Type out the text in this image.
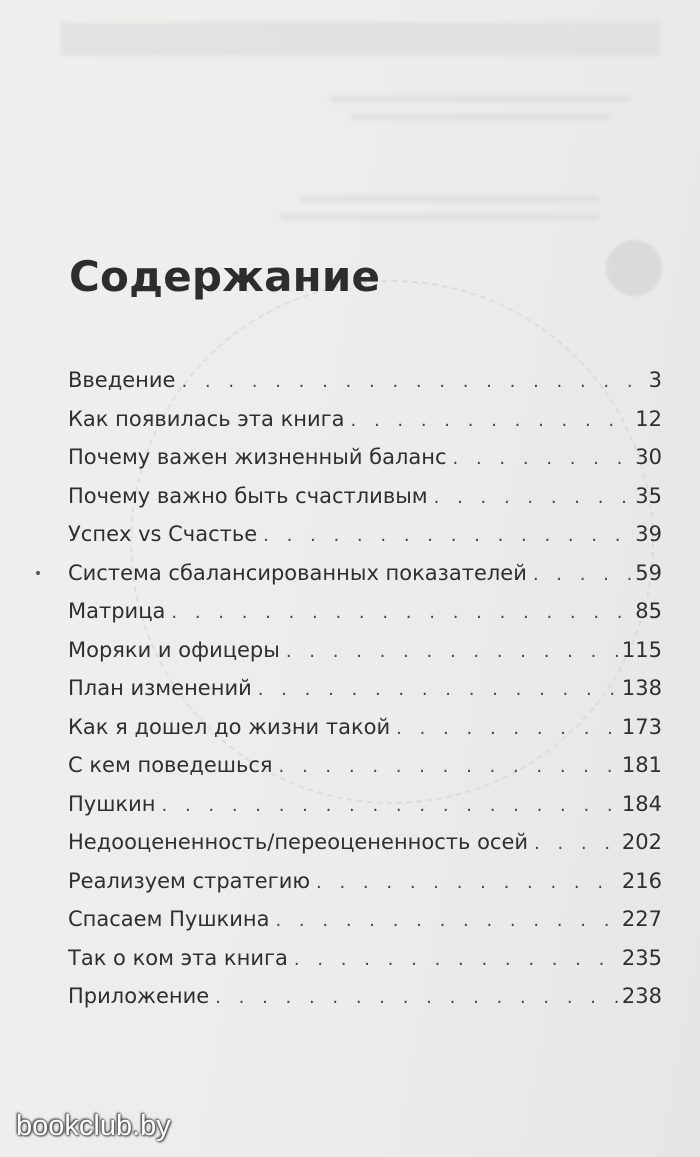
Содержание
Введение . . .	3
Как появилась эта книга . . .	12
Почему важен жизненный баланс . . .	30
Почему важно быть счастливым . . .	35
Успех vs Счастье . . .	39
Система сбалансированных показателей . . .	59
Матрица . . .	85
Моряки и офицеры . . .	115
План изменений . . .	138
Как я дошел до жизни такой . . .	173
С кем поведешься . . .	181
Пушкин . . .	184
Недооцененность/переоцененность осей . . .	202
Реализуем стратегию . . .	216
Спасаем Пушкина . . .	227
Так о ком эта книга . . .	235
Приложение . . .	238
bookclub.by
